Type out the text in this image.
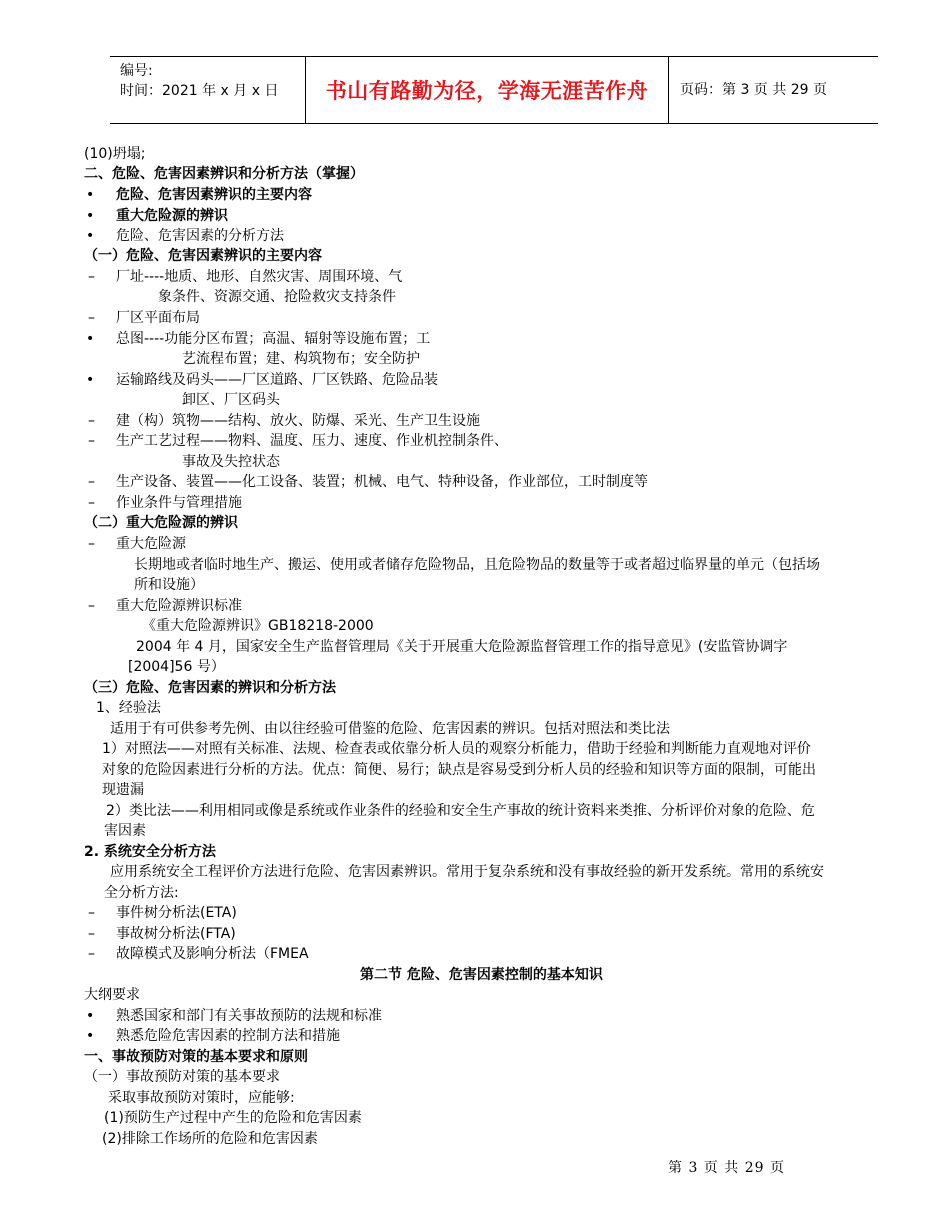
编号:
时间：2021 年 x 月 x 日	书山有路勤为径，学海无涯苦作舟	页码：第 3 页 共 29 页
(10)坍塌;
二、危险、危害因素辨识和分析方法（掌握）
• 危险、危害因素辨识的主要内容
• 重大危险源的辨识
• 危险、危害因素的分析方法
（一）危险、危害因素辨识的主要内容
– 厂址----地质、地形、自然灾害、周围环境、气
象条件、资源交通、抢险救灾支持条件
– 厂区平面布局
• 总图----功能分区布置；高温、辐射等设施布置；工
艺流程布置；建、构筑物布；安全防护
• 运输路线及码头——厂区道路、厂区铁路、危险品装
卸区、厂区码头
– 建（构）筑物——结构、放火、防爆、采光、生产卫生设施
– 生产工艺过程——物料、温度、压力、速度、作业机控制条件、
事故及失控状态
– 生产设备、装置——化工设备、装置；机械、电气、特种设备，作业部位，工时制度等
– 作业条件与管理措施
（二）重大危险源的辨识
– 重大危险源
长期地或者临时地生产、搬运、使用或者储存危险物品，且危险物品的数量等于或者超过临界量的单元（包括场
所和设施）
– 重大危险源辨识标准
《重大危险源辨识》GB18218-2000
2004 年 4 月，国家安全生产监督管理局《关于开展重大危险源监督管理工作的指导意见》(安监管协调字
[2004]56 号）
（三）危险、危害因素的辨识和分析方法
1、经验法
适用于有可供参考先例、由以往经验可借鉴的危险、危害因素的辨识。包括对照法和类比法
1）对照法——对照有关标准、法规、检查表或依靠分析人员的观察分析能力，借助于经验和判断能力直观地对评价
对象的危险因素进行分析的方法。优点：简便、易行；缺点是容易受到分析人员的经验和知识等方面的限制，可能出
现遗漏
2）类比法——利用相同或像是系统或作业条件的经验和安全生产事故的统计资料来类推、分析评价对象的危险、危
害因素
2. 系统安全分析方法
应用系统安全工程评价方法进行危险、危害因素辨识。常用于复杂系统和没有事故经验的新开发系统。常用的系统安
全分析方法:
– 事件树分析法(ETA)
– 事故树分析法(FTA)
– 故障模式及影响分析法（FMEA
第二节 危险、危害因素控制的基本知识
大纲要求
• 熟悉国家和部门有关事故预防的法规和标准
• 熟悉危险危害因素的控制方法和措施
一、事故预防对策的基本要求和原则
（一）事故预防对策的基本要求
采取事故预防对策时，应能够:
(1)预防生产过程中产生的危险和危害因素
(2)排除工作场所的危险和危害因素
第 3 页 共 29 页
